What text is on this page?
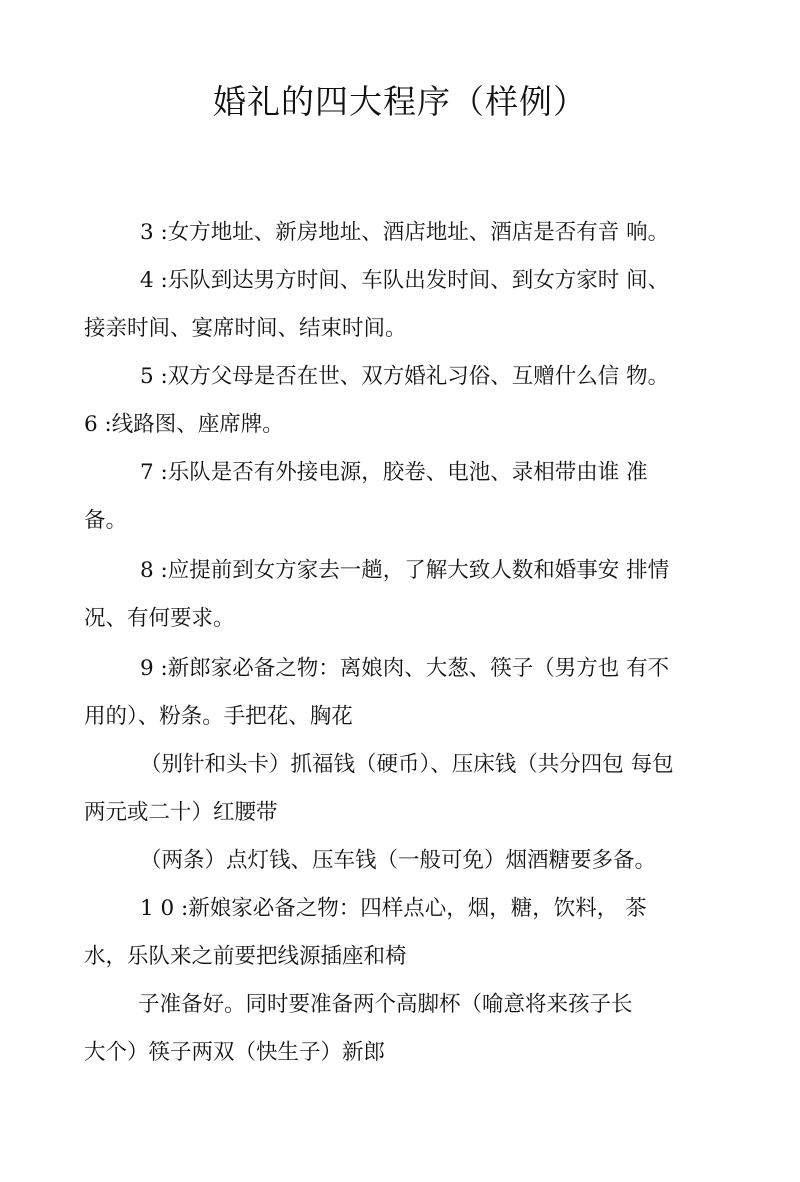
婚礼的四大程序（样例）
3 :女方地址、新房地址、酒店地址、酒店是否有音 响。
4 :乐队到达男方时间、车队出发时间、到女方家时 间、
接亲时间、宴席时间、结束时间。
5 :双方父母是否在世、双方婚礼习俗、互赠什么信 物。
6 :线路图、座席牌。
7 :乐队是否有外接电源，胶卷、电池、录相带由谁 准
备。
8 :应提前到女方家去一趟，了解大致人数和婚事安 排情
况、有何要求。
9 :新郎家必备之物：离娘肉、大葱、筷子（男方也 有不
用的）、粉条。手把花、胸花
（别针和头卡）抓福钱（硬币）、压床钱（共分四包 每包
两元或二十）红腰带
（两条）点灯钱、压车钱（一般可免）烟酒糖要多备。
1 0 :新娘家必备之物：四样点心，烟，糖，饮料， 茶
水，乐队来之前要把线源插座和椅
子准备好。同时要准备两个高脚杯（喻意将来孩子长
大个）筷子两双（快生子）新郎
